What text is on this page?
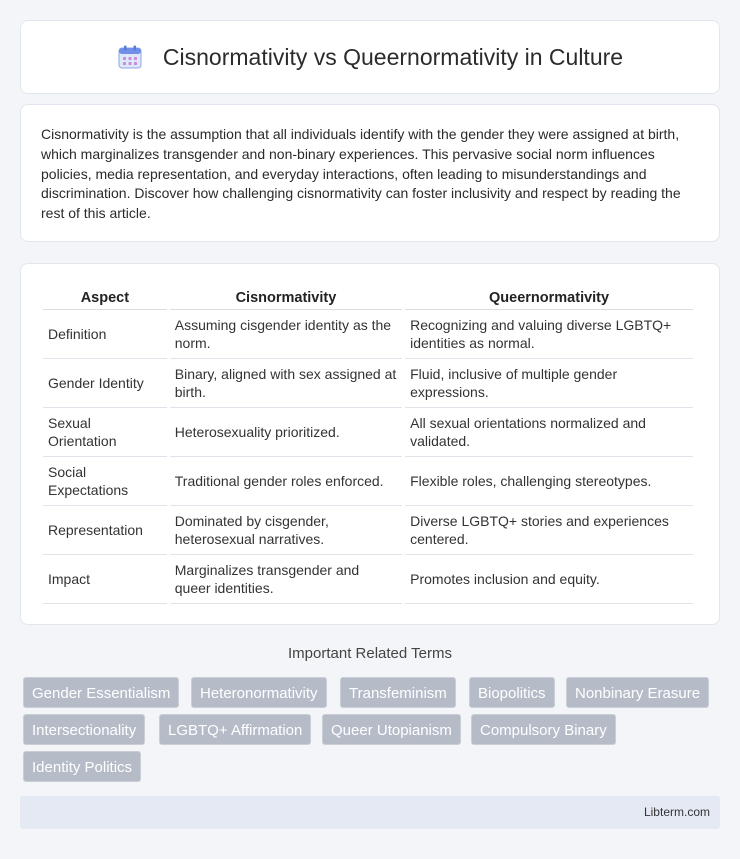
Cisnormativity vs Queernormativity in Culture

Cisnormativity is the assumption that all individuals identify with the gender they were assigned at birth, which marginalizes transgender and non-binary experiences. This pervasive social norm influences policies, media representation, and everyday interactions, often leading to misunderstandings and discrimination. Discover how challenging cisnormativity can foster inclusivity and respect by reading the rest of this article.

Aspect	Cisnormativity	Queernormativity
Definition	Assuming cisgender identity as the norm.	Recognizing and valuing diverse LGBTQ+ identities as normal.
Gender Identity	Binary, aligned with sex assigned at birth.	Fluid, inclusive of multiple gender expressions.
Sexual Orientation	Heterosexuality prioritized.	All sexual orientations normalized and validated.
Social Expectations	Traditional gender roles enforced.	Flexible roles, challenging stereotypes.
Representation	Dominated by cisgender, heterosexual narratives.	Diverse LGBTQ+ stories and experiences centered.
Impact	Marginalizes transgender and queer identities.	Promotes inclusion and equity.
Important Related Terms
Gender Essentialism	Heteronormativity	Transfeminism	Biopolitics	Nonbinary Erasure
Intersectionality	LGBTQ+ Affirmation	Queer Utopianism	Compulsory Binary
Identity Politics
Libterm.com
